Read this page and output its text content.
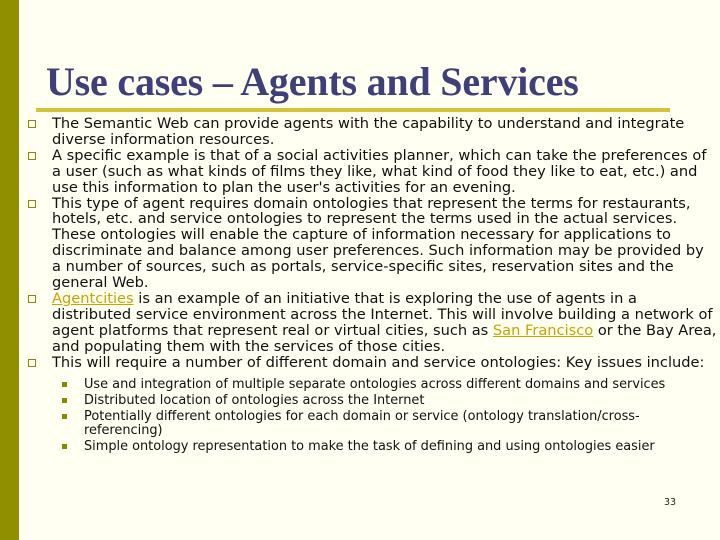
Use cases – Agents and Services
The Semantic Web can provide agents with the capability to understand and integrate diverse information resources.
A specific example is that of a social activities planner, which can take the preferences of a user (such as what kinds of films they like, what kind of food they like to eat, etc.) and use this information to plan the user's activities for an evening.
This type of agent requires domain ontologies that represent the terms for restaurants, hotels, etc. and service ontologies to represent the terms used in the actual services. These ontologies will enable the capture of information necessary for applications to discriminate and balance among user preferences. Such information may be provided by a number of sources, such as portals, service-specific sites, reservation sites and the general Web.
Agentcities is an example of an initiative that is exploring the use of agents in a distributed service environment across the Internet. This will involve building a network of agent platforms that represent real or virtual cities, such as San Francisco or the Bay Area, and populating them with the services of those cities.
This will require a number of different domain and service ontologies: Key issues include:
Use and integration of multiple separate ontologies across different domains and services
Distributed location of ontologies across the Internet
Potentially different ontologies for each domain or service (ontology translation/cross-referencing)
Simple ontology representation to make the task of defining and using ontologies easier
33
